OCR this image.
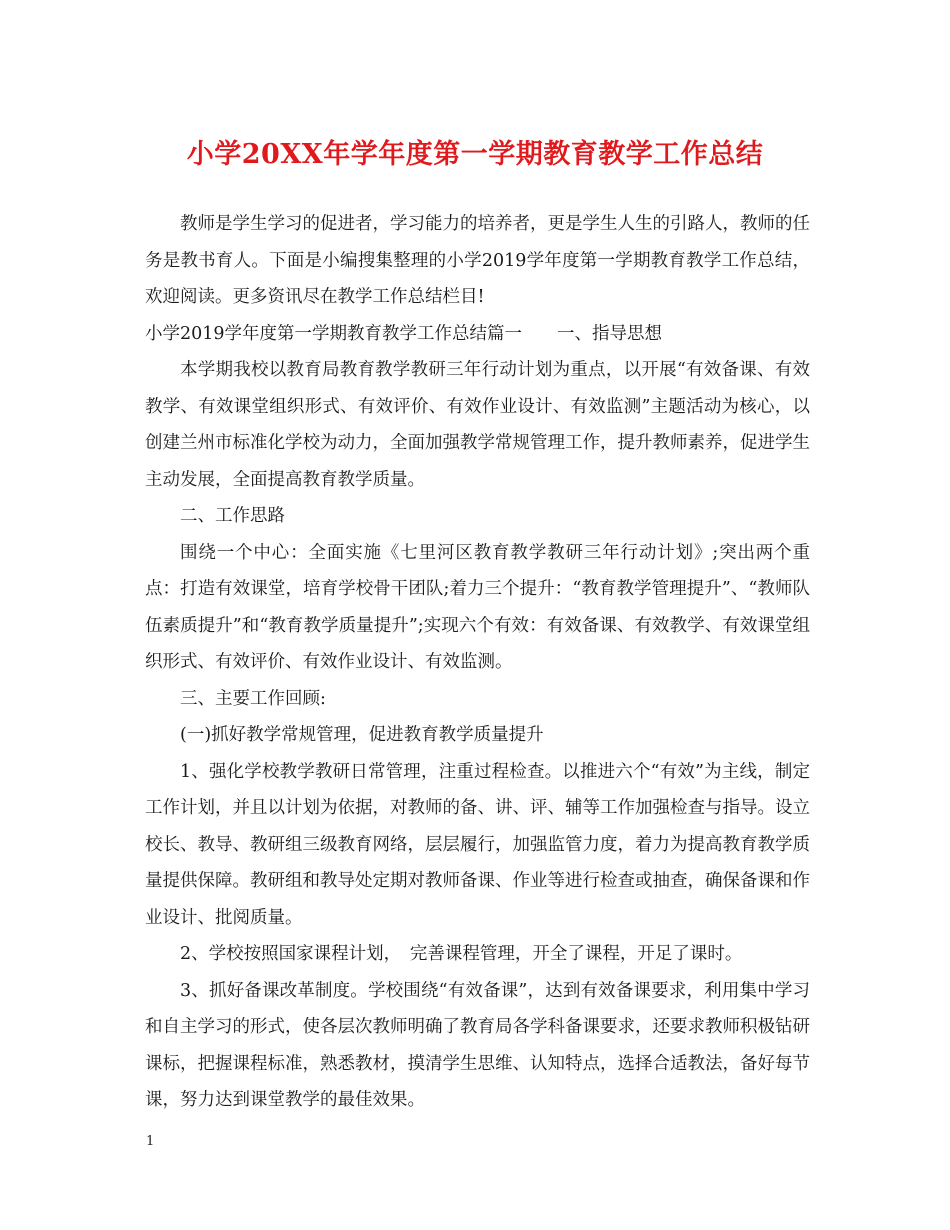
小学20XX年学年度第一学期教育教学工作总结

教师是学生学习的促进者，学习能力的培养者，更是学生人生的引路人，教师的任务是教书育人。下面是小编搜集整理的小学2019学年度第一学期教育教学工作总结，欢迎阅读。更多资讯尽在教学工作总结栏目!

小学2019学年度第一学期教育教学工作总结篇一　　一、指导思想

本学期我校以教育局教育教学教研三年行动计划为重点，以开展“有效备课、有效教学、有效课堂组织形式、有效评价、有效作业设计、有效监测”主题活动为核心，以创建兰州市标准化学校为动力，全面加强教学常规管理工作，提升教师素养，促进学生主动发展，全面提高教育教学质量。

二、工作思路

围绕一个中心：全面实施《七里河区教育教学教研三年行动计划》;突出两个重点：打造有效课堂，培育学校骨干团队;着力三个提升：“教育教学管理提升”、“教师队伍素质提升”和“教育教学质量提升”;实现六个有效：有效备课、有效教学、有效课堂组织形式、有效评价、有效作业设计、有效监测。

三、主要工作回顾:

(一)抓好教学常规管理，促进教育教学质量提升

1、强化学校教学教研日常管理，注重过程检查。以推进六个“有效”为主线，制定工作计划，并且以计划为依据，对教师的备、讲、评、辅等工作加强检查与指导。设立校长、教导、教研组三级教育网络，层层履行，加强监管力度，着力为提高教育教学质量提供保障。教研组和教导处定期对教师备课、作业等进行检查或抽查，确保备课和作业设计、批阅质量。

2、学校按照国家课程计划，　完善课程管理，开全了课程，开足了课时。

3、抓好备课改革制度。学校围绕“有效备课”，达到有效备课要求，利用集中学习和自主学习的形式，使各层次教师明确了教育局各学科备课要求，还要求教师积极钻研课标，把握课程标准，熟悉教材，摸清学生思维、认知特点，选择合适教法，备好每节课，努力达到课堂教学的最佳效果。

1
